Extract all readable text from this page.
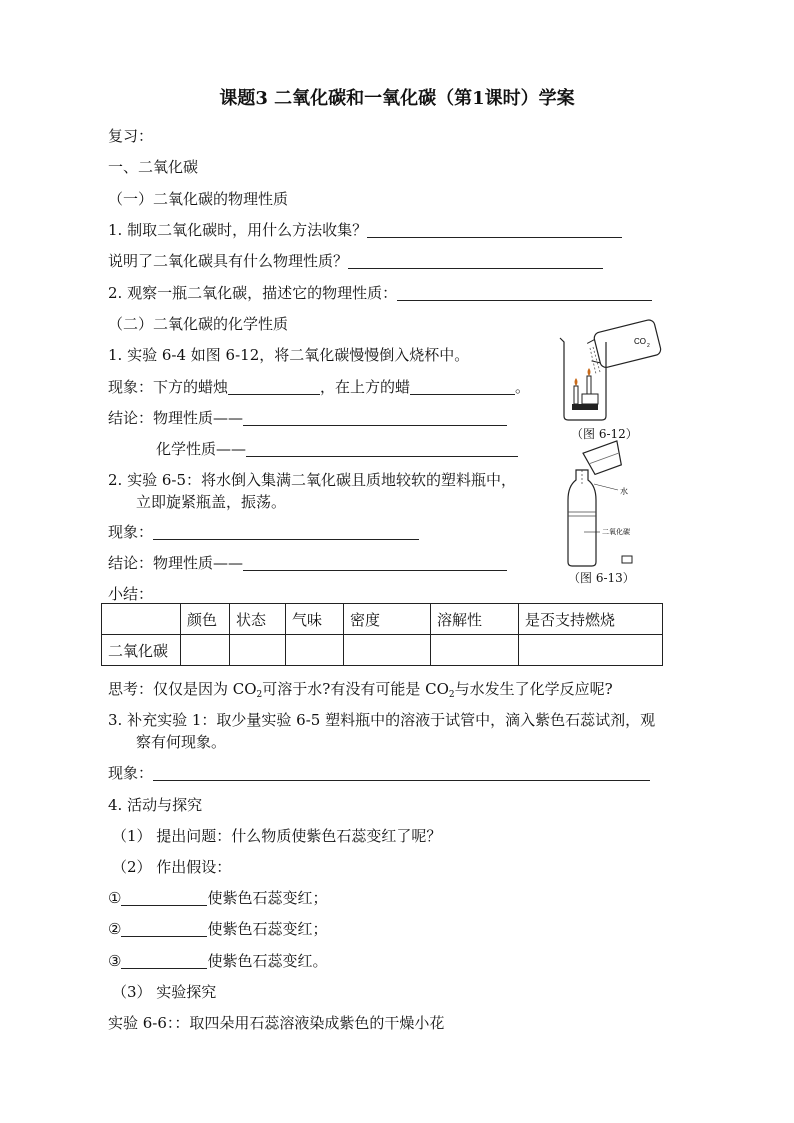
课题3 二氧化碳和一氧化碳（第1课时）学案
复习：
一、二氧化碳
（一）二氧化碳的物理性质
1. 制取二氧化碳时，用什么方法收集？
说明了二氧化碳具有什么物理性质？
2. 观察一瓶二氧化碳，描述它的物理性质：
（二）二氧化碳的化学性质
1. 实验 6-4 如图 6-12，将二氧化碳慢慢倒入烧杯中。
现象：下方的蜡烛	，在上方的蜡	。
结论：物理性质——
化学性质——
2. 实验 6-5：将水倒入集满二氧化碳且质地较软的塑料瓶中，
立即旋紧瓶盖，振荡。
现象：
结论：物理性质——
小结：
	颜色	状态	气味	密度	溶解性	是否支持燃烧
二氧化碳						
思考：仅仅是因为 $CO_2$可溶于水?有没有可能是 $CO_2$与水发生了化学反应呢?
3. 补充实验 1：取少量实验 6-5 塑料瓶中的溶液于试管中，滴入紫色石蕊试剂，观
察有何现象。
现象：
4. 活动与探究
（1） 提出问题：什么物质使紫色石蕊变红了呢？
（2） 作出假设：
①	使紫色石蕊变红；
②	使紫色石蕊变红；
③	使紫色石蕊变红。
（3） 实验探究
实验 6-6：：取四朵用石蕊溶液染成紫色的干燥小花
CO 2
（图 6-12）
水
二氧化碳
（图 6-13）
